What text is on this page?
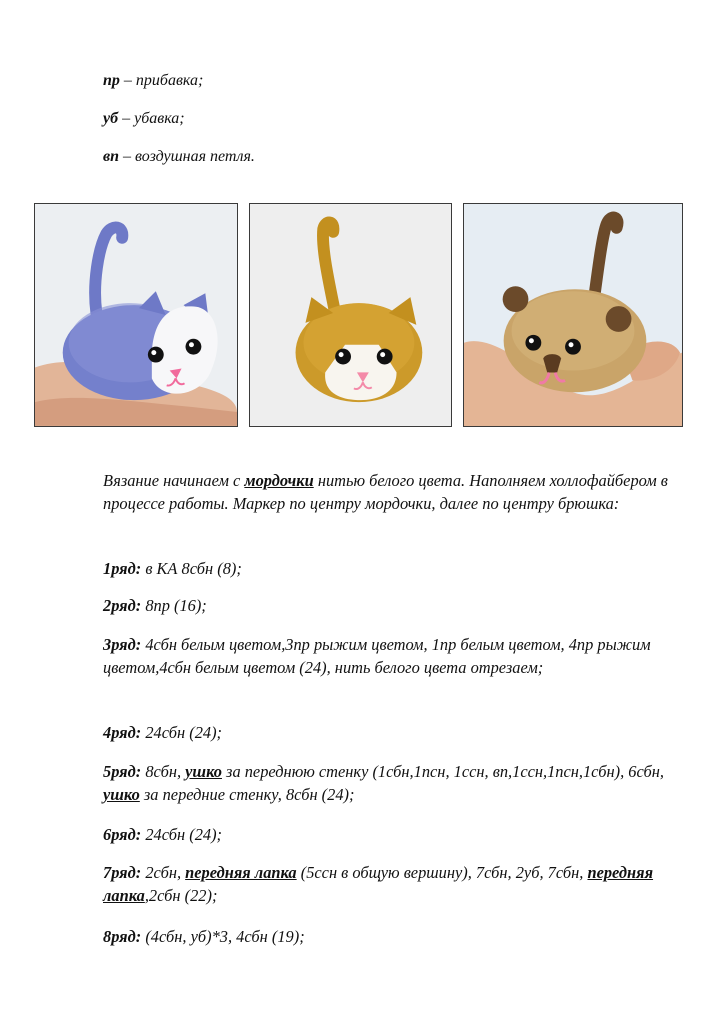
пр – прибавка;
уб – убавка;
вп – воздушная петля.
Вязание начинаем с мордочки нитью белого цвета. Наполняем холлофайбером в процессе работы. Маркер по центру мордочки, далее по центру брюшка:
1ряд: в КА 8сбн (8);
2ряд: 8пр (16);
3ряд: 4сбн белым цветом,3пр рыжим цветом, 1пр белым цветом, 4пр рыжим цветом,4сбн белым цветом (24), нить белого цвета отрезаем;
4ряд: 24сбн (24);
5ряд: 8сбн, ушко за переднюю стенку (1сбн,1псн, 1ссн, вп,1ссн,1псн,1сбн), 6сбн, ушко за передние стенку, 8сбн (24);
6ряд: 24сбн (24);
7ряд: 2сбн, передняя лапка (5ссн в общую вершину), 7сбн, 2уб, 7сбн, передняя лапка,2сбн (22);
8ряд: (4сбн, уб)*3, 4сбн (19);
